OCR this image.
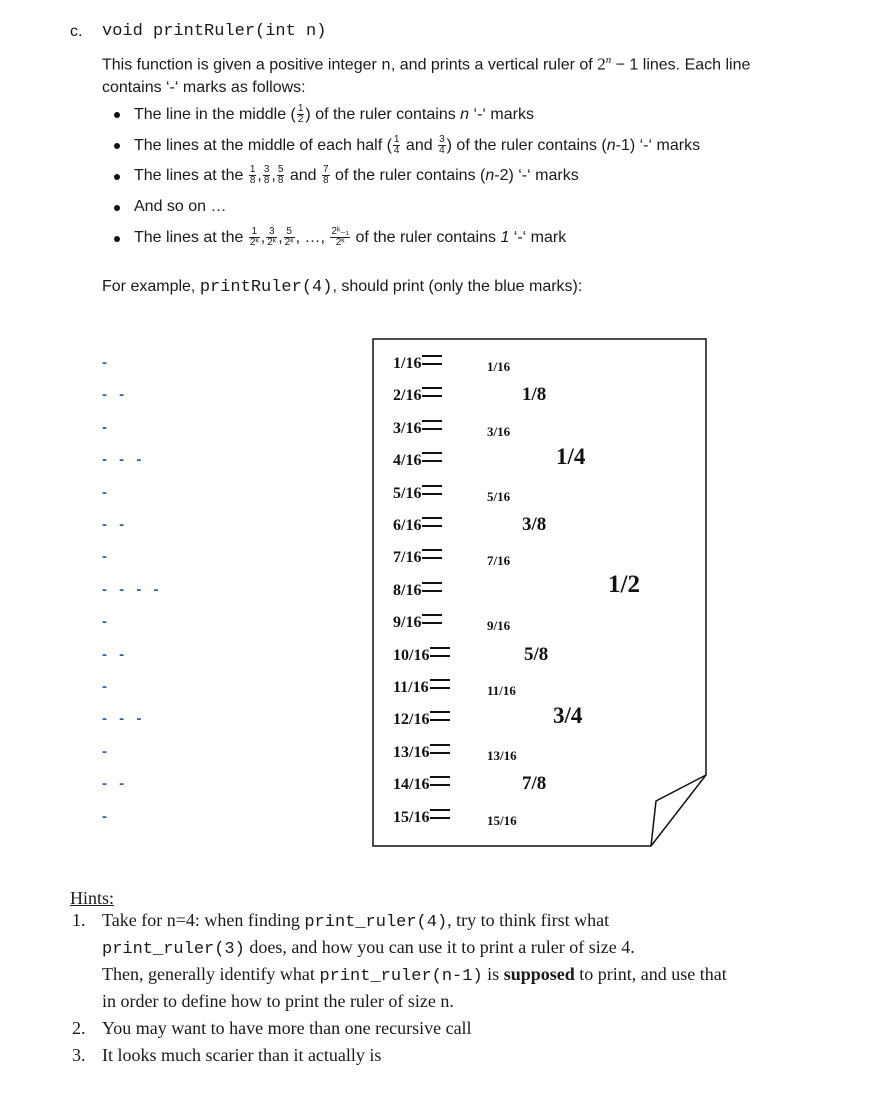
c. void printRuler(int n)
This function is given a positive integer n, and prints a vertical ruler of $2^n - 1$ lines. Each line
contains ‘-‘ marks as follows:
The line in the middle ( $\frac{1}{2}$ ) of the ruler contains n ‘-‘ marks
The lines at the middle of each half ( $\frac{1}{4}$ and $\frac{3}{4}$ ) of the ruler contains (n-1) ‘-‘ marks
The lines at the $\frac{1}{8}$ , $\frac{3}{8}$ , $\frac{5}{8}$ and $\frac{7}{8}$ of the ruler contains (n-2) ‘-‘ marks
And so on …
The lines at the $\frac{1}{\text{2ᵏ}}$ , $\frac{3}{\text{2ᵏ}}$ , $\frac{5}{\text{2ᵏ}}$ , …, $\frac{\text{2ᵏ₋₁}}{\text{2ᵏ}}$ of the ruler contains 1 ‘-‘ mark
For example, printRuler(4), should print (only the blue marks):
-
- -
-
- - -
-
- -
-
- - - -
-
- -
-
- - -
-
- -
-
1/16
2/16
3/16
4/16
5/16
6/16
7/16
8/16
9/16
10/16
11/16
12/16
13/16
14/16
15/16
1/16
3/16
5/16
7/16
9/16
11/16
13/16
15/16
1/8
3/8
5/8
7/8
1/4
3/4
1/2
Hints:
1. Take for n=4: when finding print_ruler(4), try to think first what
print_ruler(3) does, and how you can use it to print a ruler of size 4.
Then, generally identify what print_ruler(n-1) is supposed to print, and use that
in order to define how to print the ruler of size n.
2. You may want to have more than one recursive call
3. It looks much scarier than it actually is
